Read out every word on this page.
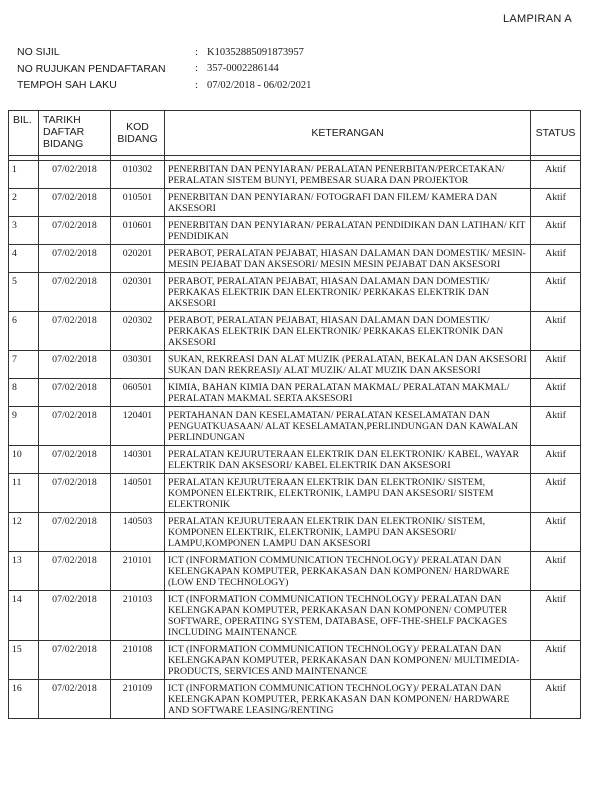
LAMPIRAN A
NO SIJIL	: K10352885091873957
NO RUJUKAN PENDAFTARAN	: 357-0002286144
TEMPOH SAH LAKU	: 07/02/2018 - 06/02/2021
BIL.	TARIKH DAFTAR BIDANG	KOD BIDANG	KETERANGAN	STATUS

1	07/02/2018	010302	PENERBITAN DAN PENYIARAN/ PERALATAN PENERBITAN/PERCETAKAN/ PERALATAN SISTEM BUNYI, PEMBESAR SUARA DAN PROJEKTOR	Aktif
2	07/02/2018	010501	PENERBITAN DAN PENYIARAN/ FOTOGRAFI DAN FILEM/ KAMERA DAN AKSESORI	Aktif
3	07/02/2018	010601	PENERBITAN DAN PENYIARAN/ PERALATAN PENDIDIKAN DAN LATIHAN/ KIT PENDIDIKAN	Aktif
4	07/02/2018	020201	PERABOT, PERALATAN PEJABAT, HIASAN DALAMAN DAN DOMESTIK/ MESIN-MESIN PEJABAT DAN AKSESORI/ MESIN MESIN PEJABAT DAN AKSESORI	Aktif
5	07/02/2018	020301	PERABOT, PERALATAN PEJABAT, HIASAN DALAMAN DAN DOMESTIK/ PERKAKAS ELEKTRIK DAN ELEKTRONIK/ PERKAKAS ELEKTRIK DAN AKSESORI	Aktif
6	07/02/2018	020302	PERABOT, PERALATAN PEJABAT, HIASAN DALAMAN DAN DOMESTIK/ PERKAKAS ELEKTRIK DAN ELEKTRONIK/ PERKAKAS ELEKTRONIK DAN AKSESORI	Aktif
7	07/02/2018	030301	SUKAN, REKREASI DAN ALAT MUZIK (PERALATAN, BEKALAN DAN AKSESORI SUKAN DAN REKREASI)/ ALAT MUZIK/ ALAT MUZIK DAN AKSESORI	Aktif
8	07/02/2018	060501	KIMIA, BAHAN KIMIA DAN PERALATAN MAKMAL/ PERALATAN MAKMAL/ PERALATAN MAKMAL SERTA AKSESORI	Aktif
9	07/02/2018	120401	PERTAHANAN DAN KESELAMATAN/ PERALATAN KESELAMATAN DAN PENGUATKUASAAN/ ALAT KESELAMATAN,PERLINDUNGAN DAN KAWALAN PERLINDUNGAN	Aktif
10	07/02/2018	140301	PERALATAN KEJURUTERAAN ELEKTRIK DAN ELEKTRONIK/ KABEL, WAYAR ELEKTRIK DAN AKSESORI/ KABEL ELEKTRIK DAN AKSESORI	Aktif
11	07/02/2018	140501	PERALATAN KEJURUTERAAN ELEKTRIK DAN ELEKTRONIK/ SISTEM, KOMPONEN ELEKTRIK, ELEKTRONIK, LAMPU DAN AKSESORI/ SISTEM ELEKTRONIK	Aktif
12	07/02/2018	140503	PERALATAN KEJURUTERAAN ELEKTRIK DAN ELEKTRONIK/ SISTEM, KOMPONEN ELEKTRIK, ELEKTRONIK, LAMPU DAN AKSESORI/ LAMPU,KOMPONEN LAMPU DAN AKSESORI	Aktif
13	07/02/2018	210101	ICT (INFORMATION COMMUNICATION TECHNOLOGY)/ PERALATAN DAN KELENGKAPAN KOMPUTER, PERKAKASAN DAN KOMPONEN/ HARDWARE (LOW END TECHNOLOGY)	Aktif
14	07/02/2018	210103	ICT (INFORMATION COMMUNICATION TECHNOLOGY)/ PERALATAN DAN KELENGKAPAN KOMPUTER, PERKAKASAN DAN KOMPONEN/ COMPUTER SOFTWARE, OPERATING SYSTEM, DATABASE, OFF-THE-SHELF PACKAGES INCLUDING MAINTENANCE	Aktif
15	07/02/2018	210108	ICT (INFORMATION COMMUNICATION TECHNOLOGY)/ PERALATAN DAN KELENGKAPAN KOMPUTER, PERKAKASAN DAN KOMPONEN/ MULTIMEDIA-PRODUCTS, SERVICES AND MAINTENANCE	Aktif
16	07/02/2018	210109	ICT (INFORMATION COMMUNICATION TECHNOLOGY)/ PERALATAN DAN KELENGKAPAN KOMPUTER, PERKAKASAN DAN KOMPONEN/ HARDWARE AND SOFTWARE LEASING/RENTING	Aktif
